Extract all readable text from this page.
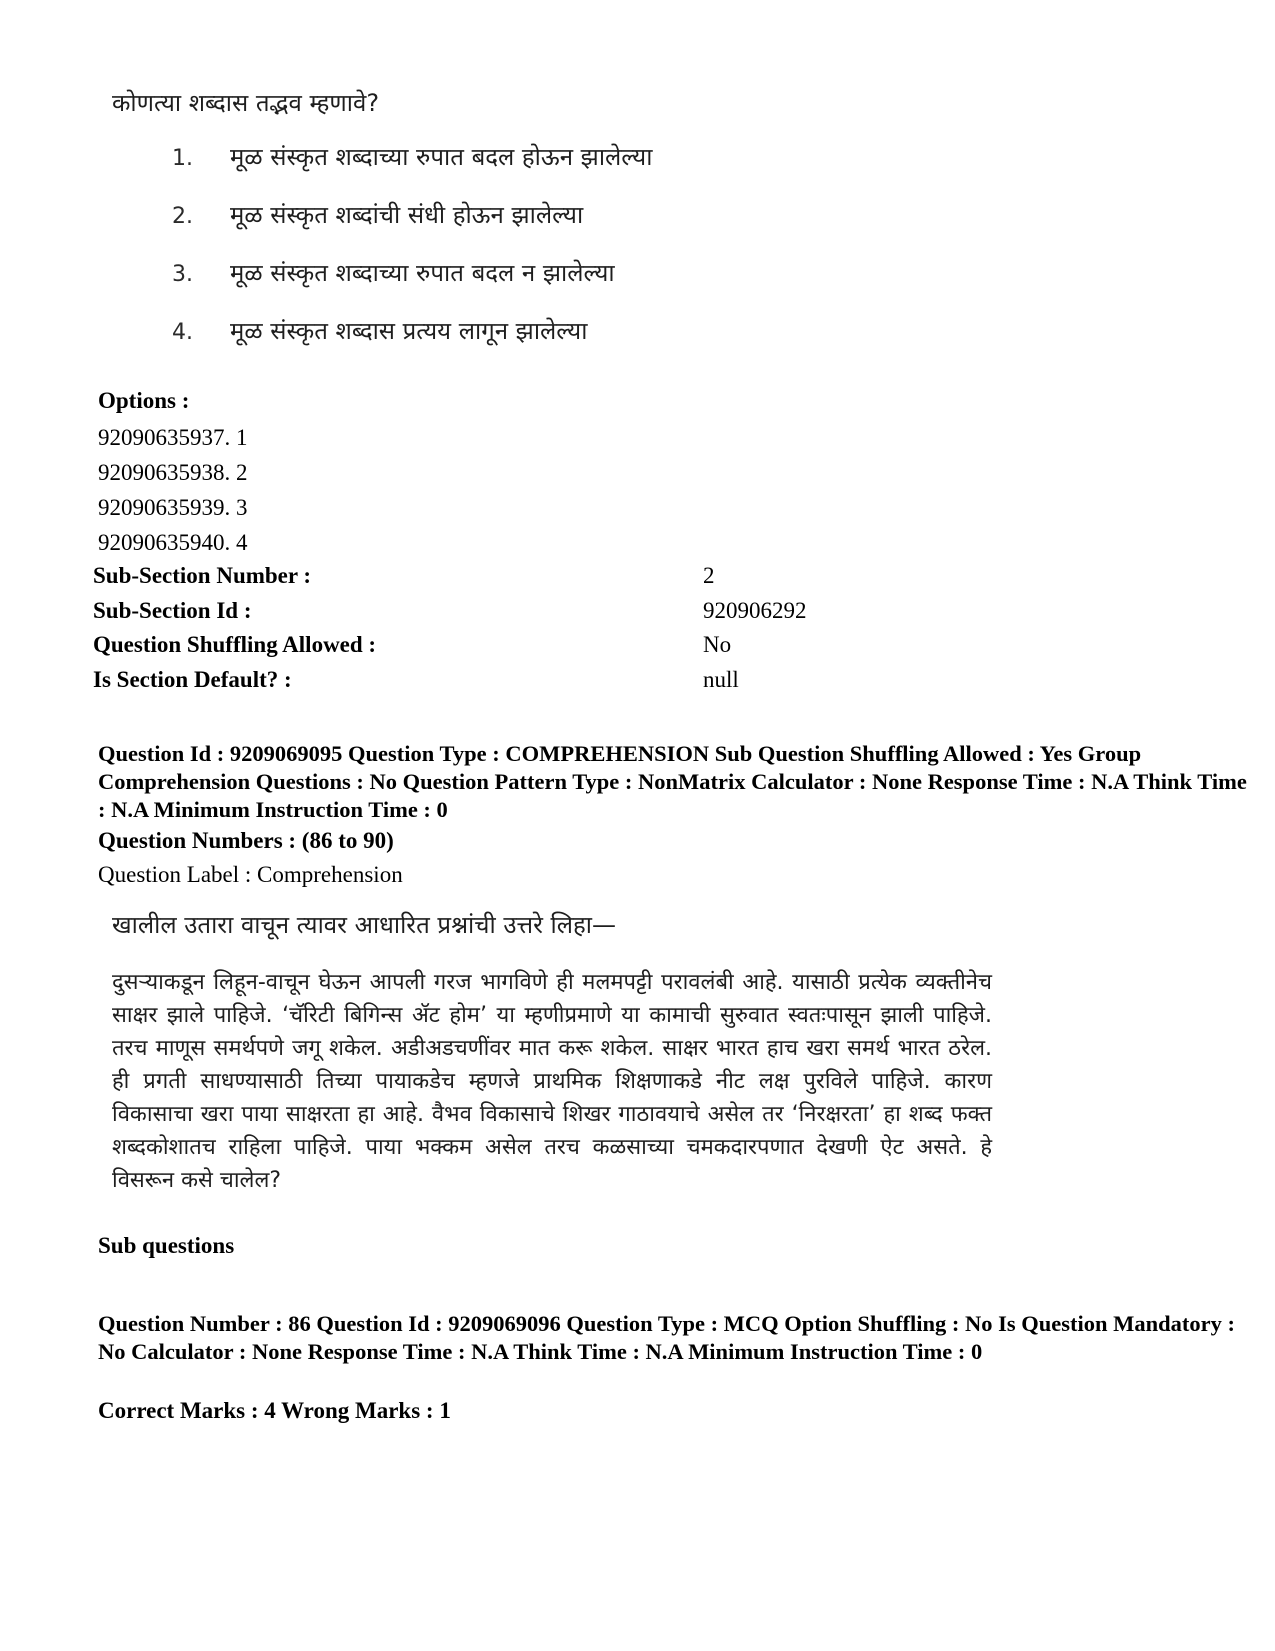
कोणत्या शब्दास तद्भव म्हणावे?
1.	मूळ संस्कृत शब्दाच्या रुपात बदल होऊन झालेल्या
2.	मूळ संस्कृत शब्दांची संधी होऊन झालेल्या
3.	मूळ संस्कृत शब्दाच्या रुपात बदल न झालेल्या
4.	मूळ संस्कृत शब्दास प्रत्यय लागून झालेल्या
Options :
92090635937. 1
92090635938. 2
92090635939. 3
92090635940. 4
Sub-Section Number :	2
Sub-Section Id :	920906292
Question Shuffling Allowed :	No
Is Section Default? :	null
Question Id : 9209069095 Question Type : COMPREHENSION Sub Question Shuffling Allowed : Yes Group Comprehension Questions : No Question Pattern Type : NonMatrix Calculator : None Response Time : N.A Think Time : N.A Minimum Instruction Time : 0
Question Numbers : (86 to 90)
Question Label : Comprehension
खालील उतारा वाचून त्यावर आधारित प्रश्नांची उत्तरे लिहा—
दुसऱ्याकडून लिहून-वाचून घेऊन आपली गरज भागविणे ही मलमपट्टी परावलंबी आहे. यासाठी प्रत्येक व्यक्तीनेच साक्षर झाले पाहिजे. ‘चॅरिटी बिगिन्स ॲट होम’ या म्हणीप्रमाणे या कामाची सुरुवात स्वतःपासून झाली पाहिजे. तरच माणूस समर्थपणे जगू शकेल. अडीअडचणींवर मात करू शकेल. साक्षर भारत हाच खरा समर्थ भारत ठरेल. ही प्रगती साधण्यासाठी तिच्या पायाकडेच म्हणजे प्राथमिक शिक्षणाकडे नीट लक्ष पुरविले पाहिजे. कारण विकासाचा खरा पाया साक्षरता हा आहे. वैभव विकासाचे शिखर गाठावयाचे असेल तर ‘निरक्षरता’ हा शब्द फक्त शब्दकोशातच राहिला पाहिजे. पाया भक्कम असेल तरच कळसाच्या चमकदारपणात देखणी ऐट असते. हे विसरून कसे चालेल?
Sub questions
Question Number : 86 Question Id : 9209069096 Question Type : MCQ Option Shuffling : No Is Question Mandatory : No Calculator : None Response Time : N.A Think Time : N.A Minimum Instruction Time : 0
Correct Marks : 4 Wrong Marks : 1
